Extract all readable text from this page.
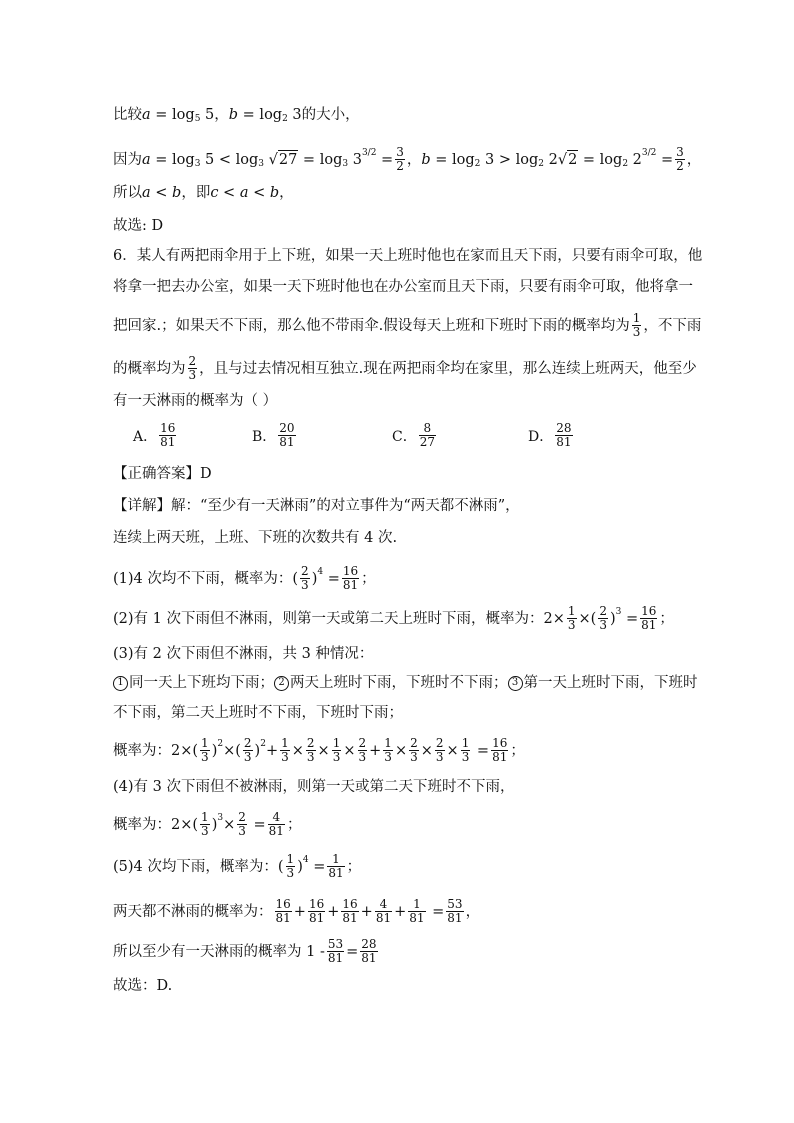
比较 a = log 5 5， b = log 2 3的大小，
因为 a = log 3 5 < log 3 √ 27 = log 3 3 $3/2 = \frac{3}{2}$ ， b = log 2 3 > log 2 2√ 2 = log 2 2 $3/2 = \frac{3}{2}$ ，
所以 a < b ，即 c < a < b ，
故选: D
6．某人有两把雨伞用于上下班，如果一天上班时他也在家而且天下雨，只要有雨伞可取，他
将拿一把去办公室，如果一天下班时他也在办公室而且天下雨，只要有雨伞可取，他将拿一
把回家.；如果天不下雨，那么他不带雨伞.假设每天上班和下班时下雨的概率均为 $\frac{1}{3}$ ，不下雨
的概率均为 $\frac{2}{3}$ ，且与过去情况相互独立.现在两把雨伞均在家里，那么连续上班两天，他至少
有一天淋雨的概率为（ ）
A． $\frac{16}{81}$	B． $\frac{20}{81}$	C． $\frac{8}{27}$	D． $\frac{28}{81}$
【正确答案】D
【详解】解：“至少有一天淋雨”的对立事件为“两天都不淋雨”，
连续上两天班，上班、下班的次数共有 4 次.
(1)4 次均不下雨，概率为： ( $\frac{2}{3}$ ) $4 = \frac{16}{81}$ ；
(2)有 1 次下雨但不淋雨，则第一天或第二天上班时下雨，概率为： $2\times \frac{1}{3}$ ×( $\frac{2}{3}$ ) $3 = \frac{16}{81}$ ；
(3)有 2 次下雨但不淋雨，共 3 种情况：
1 同一天上下班均下雨； 2 两天上班时下雨，下班时不下雨； 3 第一天上班时下雨，下班时
不下雨，第二天上班时不下雨，下班时下雨；
概率为： $2\times( \frac{1}{3}$ ) 2 ×( $\frac{2}{3}$ ) $2 + \frac{1}{3} \times \frac{2}{3} \times \frac{1}{3} \times \frac{2}{3} + \frac{1}{3} \times \frac{2}{3} \times \frac{2}{3} \times \frac{1}{3} = \frac{16}{81}$ ；
(4)有 3 次下雨但不被淋雨，则第一天或第二天下班时不下雨，
概率为： $2\times( \frac{1}{3}$ ) $3 \times \frac{2}{3} = \frac{4}{81}$ ；
(5)4 次均下雨，概率为： ( $\frac{1}{3}$ ) $4 = \frac{1}{81}$ ；
两天都不淋雨的概率为： $\frac{16}{81} + \frac{16}{81} + \frac{16}{81} + \frac{4}{81} + \frac{1}{81} = \frac{53}{81}$ ，
所以至少有一天淋雨的概率为 $1 - \frac{53}{81} = \frac{28}{81}$
故选：D.
